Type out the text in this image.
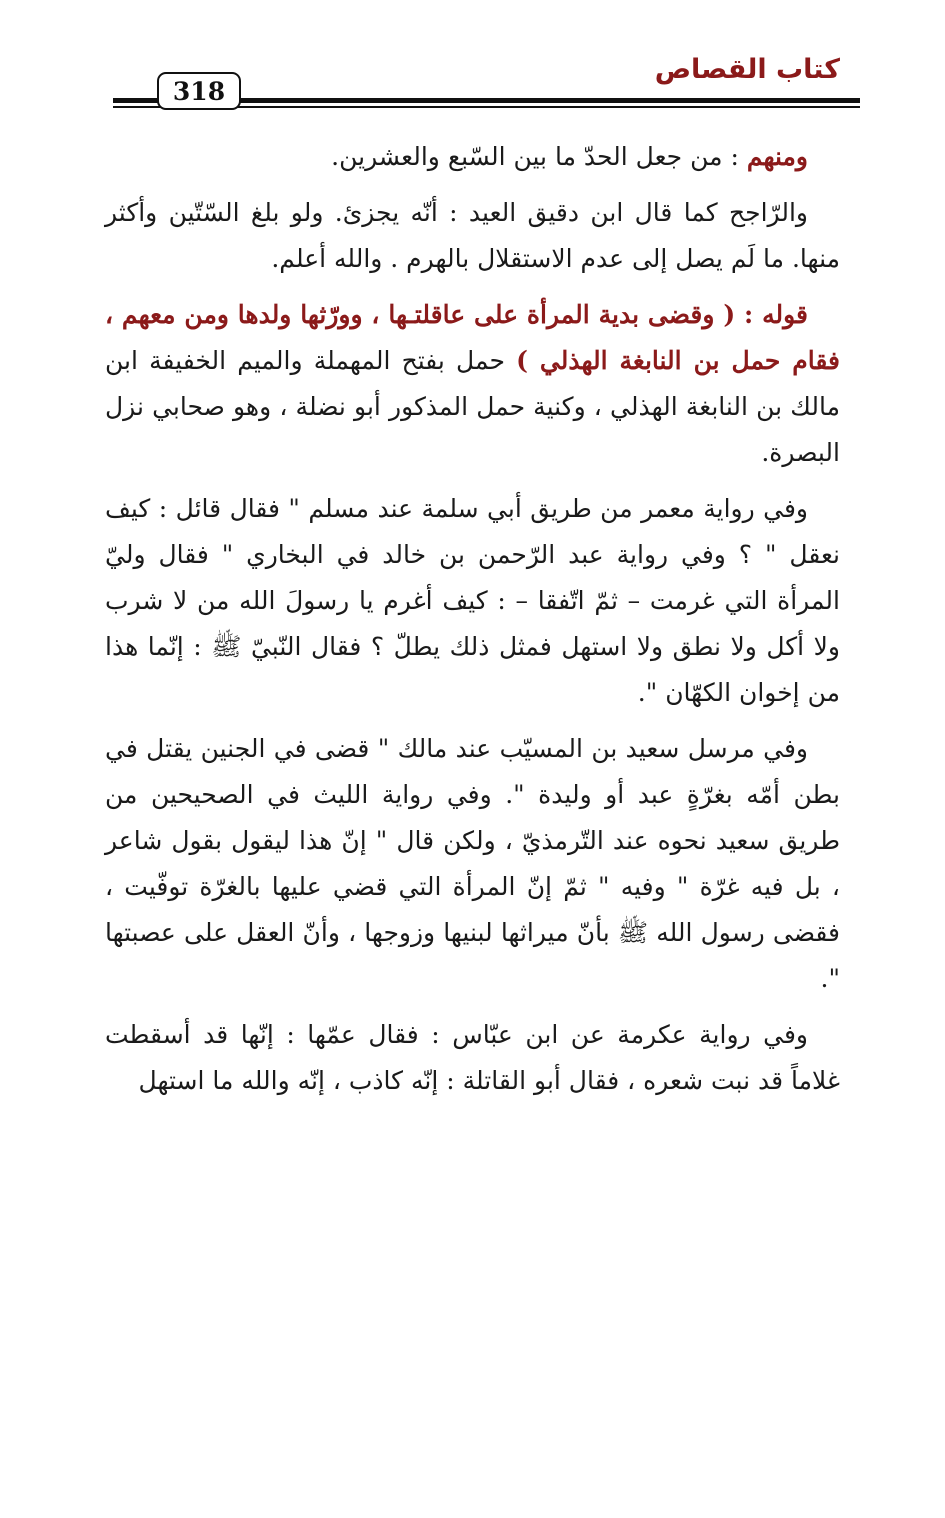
كتاب القصاص
318

ومنهم : من جعل الحدّ ما بين السّبع والعشرين.

والرّاجح كما قال ابن دقيق العيد : أنّه يجزئ. ولو بلغ السّتّين وأكثر منها. ما لَم يصل إلى عدم الاستقلال بالهرم . والله أعلم.

قوله : ( وقضى بدية المرأة على عاقلتـها ، وورّثها ولدها ومن معهم ، فقام حمل بن النابغة الهذلي ) حمل بفتح المهملة والميم الخفيفة ابن مالك بن النابغة الهذلي ، وكنية حمل المذكور أبو نضلة ، وهو صحابي نزل البصرة.

وفي رواية معمر من طريق أبي سلمة عند مسلم " فقال قائل : كيف نعقل " ؟ وفي رواية عبد الرّحمن بن خالد في البخاري " فقال وليّ المرأة التي غرمت – ثمّ اتّفقا – : كيف أغرم يا رسولَ الله من لا شرب ولا أكل ولا نطق ولا استهل فمثل ذلك يطلّ ؟ فقال النّبيّ ﷺ : إنّما هذا من إخوان الكهّان ".

وفي مرسل سعيد بن المسيّب عند مالك " قضى في الجنين يقتل في بطن أمّه بغرّةٍ عبد أو وليدة ". وفي رواية الليث في الصحيحين من طريق سعيد نحوه عند التّرمذيّ ، ولكن قال " إنّ هذا ليقول بقول شاعر ، بل فيه غرّة " وفيه " ثمّ إنّ المرأة التي قضي عليها بالغرّة توفّيت ، فقضى رسول الله ﷺ بأنّ ميراثها لبنيها وزوجها ، وأنّ العقل على عصبتها ".

وفي رواية عكرمة عن ابن عبّاس : فقال عمّها : إنّها قد أسقطت غلاماً قد نبت شعره ، فقال أبو القاتلة : إنّه كاذب ، إنّه والله ما استهل
